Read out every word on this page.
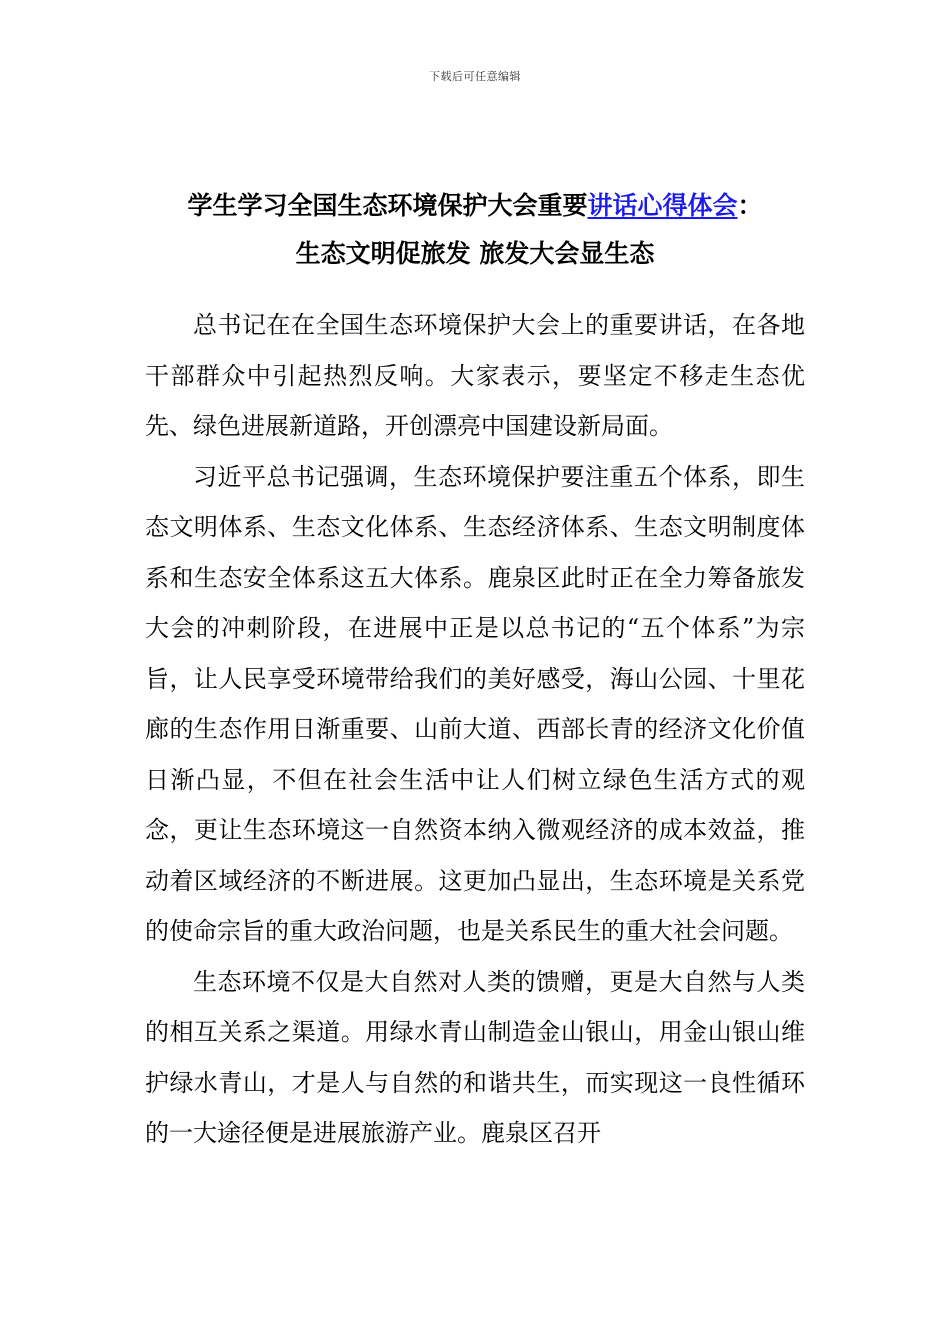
下载后可任意编辑
学生学习全国生态环境保护大会重要讲话心得体会：
生态文明促旅发 旅发大会显生态

总书记在在全国生态环境保护大会上的重要讲话，在各地干部群众中引起热烈反响。大家表示，要坚定不移走生态优先、绿色进展新道路，开创漂亮中国建设新局面。

习近平总书记强调，生态环境保护要注重五个体系，即生态文明体系、生态文化体系、生态经济体系、生态文明制度体系和生态安全体系这五大体系。鹿泉区此时正在全力筹备旅发大会的冲刺阶段，在进展中正是以总书记的“五个体系”为宗旨，让人民享受环境带给我们的美好感受，海山公园、十里花廊的生态作用日渐重要、山前大道、西部长青的经济文化价值日渐凸显，不但在社会生活中让人们树立绿色生活方式的观念，更让生态环境这一自然资本纳入微观经济的成本效益，推动着区域经济的不断进展。这更加凸显出，生态环境是关系党的使命宗旨的重大政治问题，也是关系民生的重大社会问题。

生态环境不仅是大自然对人类的馈赠，更是大自然与人类的相互关系之渠道。用绿水青山制造金山银山，用金山银山维护绿水青山，才是人与自然的和谐共生，而实现这一良性循环的一大途径便是进展旅游产业。鹿泉区召开
